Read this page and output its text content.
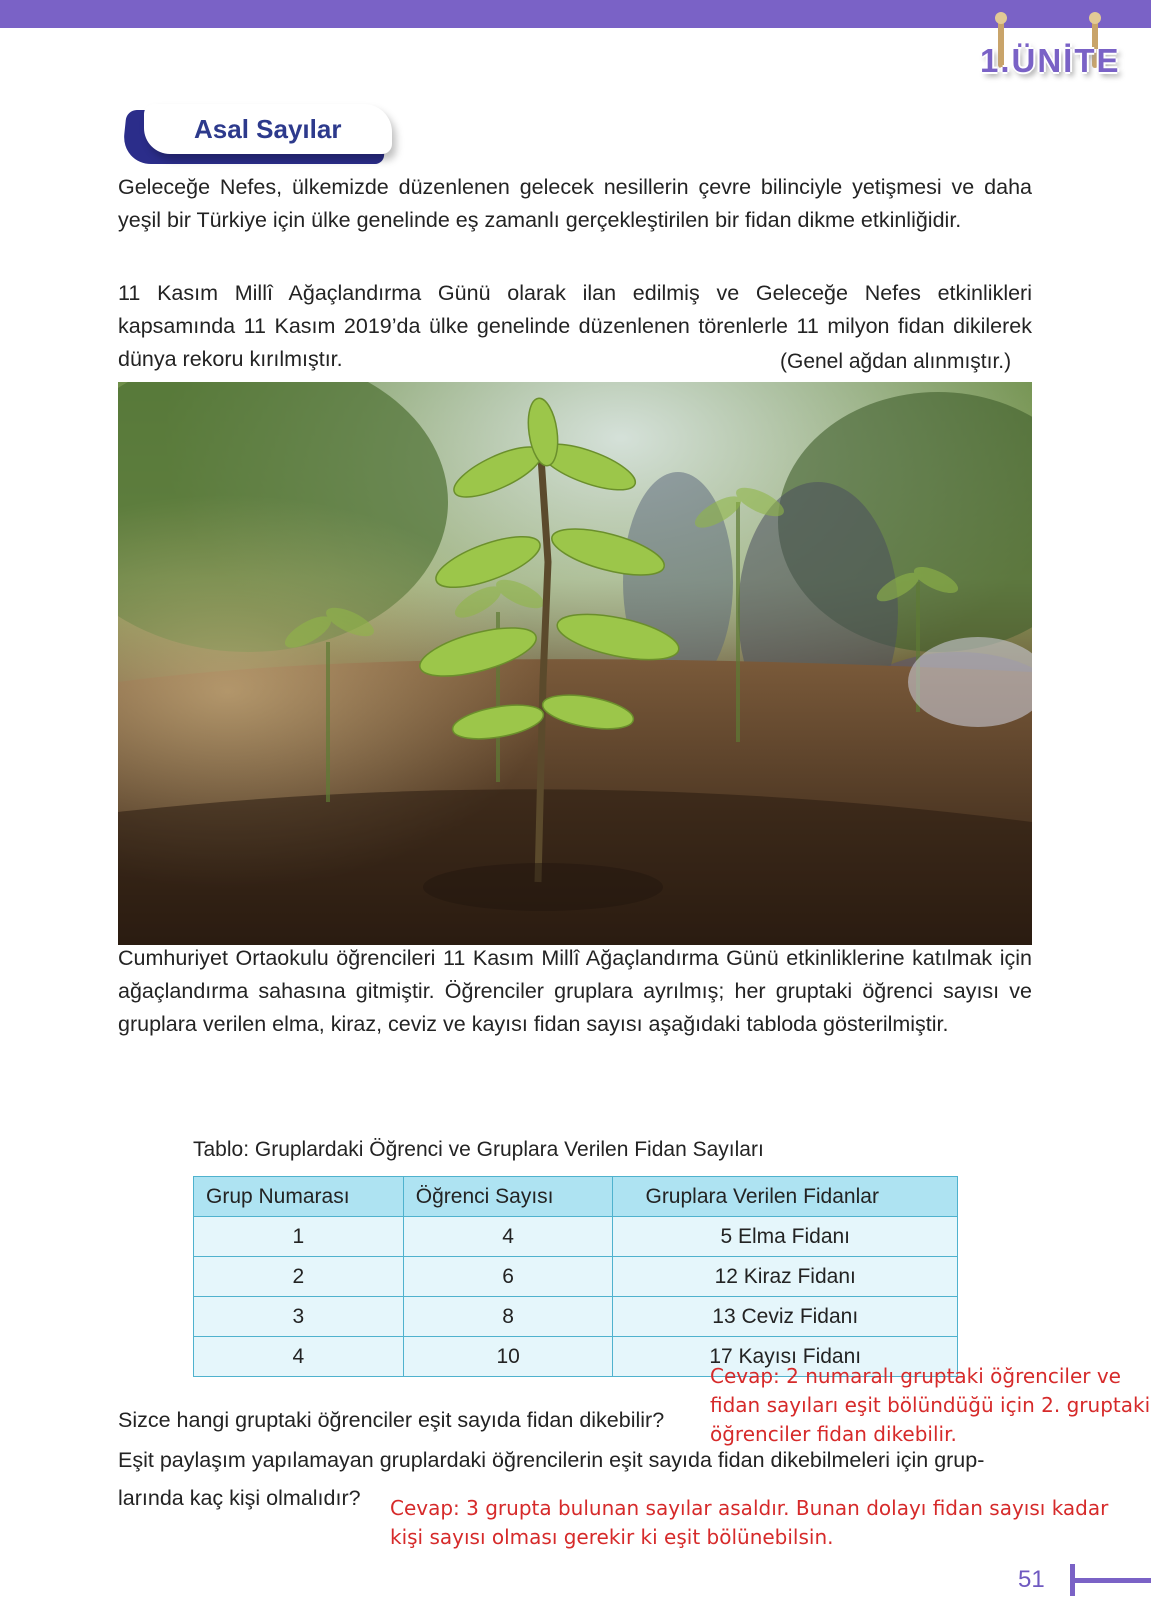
1.ÜNİTE
Asal Sayılar

Geleceğe Nefes, ülkemizde düzenlenen gelecek nesillerin çevre bilinciyle yetişmesi ve daha yeşil bir Türkiye için ülke genelinde eş zamanlı gerçekleştirilen bir fidan dikme etkinliğidir.

11 Kasım Millî Ağaçlandırma Günü olarak ilan edilmiş ve Geleceğe Nefes etkinlikleri kapsamında 11 Kasım 2019’da ülke genelinde düzenlenen törenlerle 11 milyon fidan dikilerek dünya rekoru kırılmıştır.	(Genel ağdan alınmıştır.)

Cumhuriyet Ortaokulu öğrencileri 11 Kasım Millî Ağaçlandırma Günü etkinliklerine katılmak için ağaçlandırma sahasına gitmiştir. Öğrenciler gruplara ayrılmış; her gruptaki öğrenci sayısı ve gruplara verilen elma, kiraz, ceviz ve kayısı fidan sayısı aşağıdaki tabloda gösterilmiştir.

Tablo: Gruplardaki Öğrenci ve Gruplara Verilen Fidan Sayıları
Grup Numarası	Öğrenci Sayısı	Gruplara Verilen Fidanlar
1	4	5 Elma Fidanı
2	6	12 Kiraz Fidanı
3	8	13 Ceviz Fidanı
4	10	17 Kayısı Fidanı
Sizce hangi gruptaki öğrenciler eşit sayıda fidan dikebilir?
Eşit paylaşım yapılamayan gruplardaki öğrencilerin eşit sayıda fidan dikebilmeleri için grup-
larında kaç kişi olmalıdır?
Cevap: 2 numaralı gruptaki öğrenciler ve
fidan sayıları eşit bölündüğü için 2. gruptaki
öğrenciler fidan dikebilir.
Cevap: 3 grupta bulunan sayılar asaldır. Bunan dolayı fidan sayısı kadar
kişi sayısı olması gerekir ki eşit bölünebilsin.
51
